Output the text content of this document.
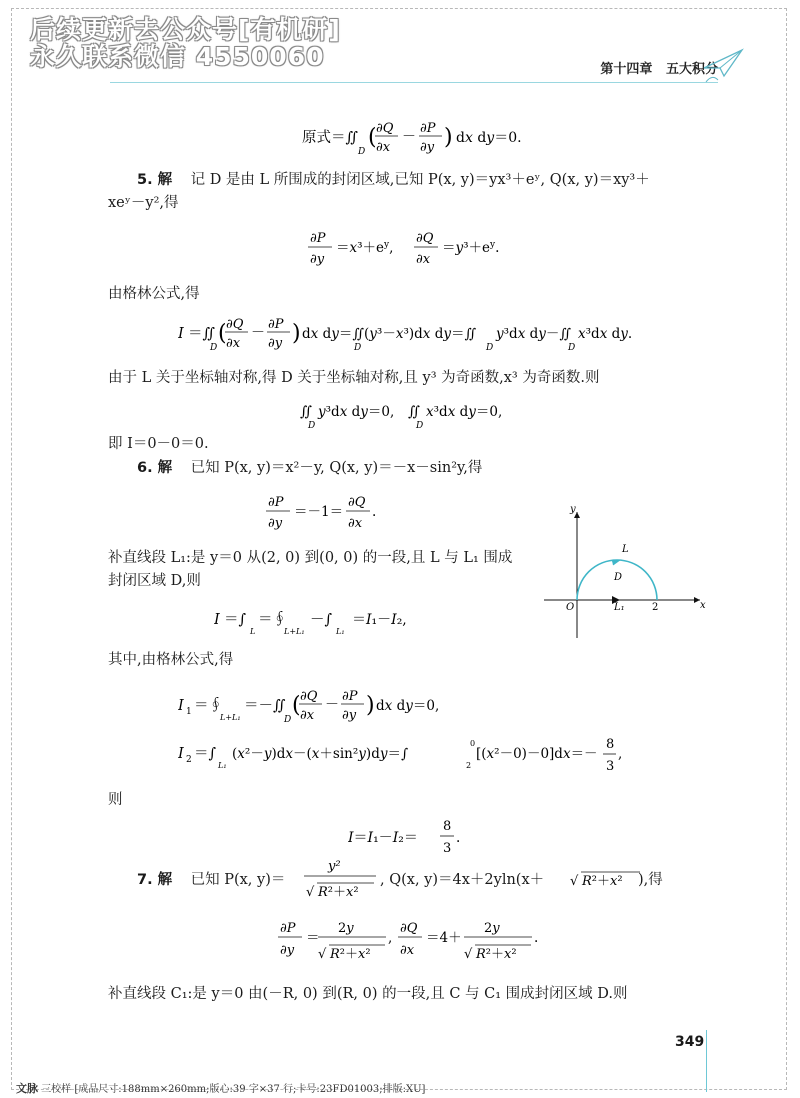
后续更新去公众号[有机研]
永久联系微信 4550060	第十四章 五大积分
原式＝∬
D
( ∂Q
∂x
－
∂P
∂y ) dx dy＝0.
5. 解 记 D 是由 L 所围成的封闭区域,已知 P(x, y)＝yx³＋eʸ, Q(x, y)＝xy³＋
xeʸ－y²,得
∂P
∂y
$=x^3+e^y$,
∂Q
∂x
$=y^3+e^y$.
由格林公式,得
I ＝∬
D
( ∂Q
∂x
－
∂P
∂y ) dx dy＝∬
D
(y³－x³)dx dy＝∬
D
y³dx dy－∬
D
x³dx dy.
由于 L 关于坐标轴对称,得 D 关于坐标轴对称,且 y³ 为奇函数,x³ 为奇函数.则
∬
D
y³dx dy＝0, ∬
D
x³dx dy＝0,
即 I＝0－0＝0.
6. 解 已知 P(x, y)＝x²－y, Q(x, y)＝－x－sin²y,得
∂P
∂y
＝－1＝
∂Q
∂x
.
补直线段 L₁:是 y＝0 从(2, 0) 到(0, 0) 的一段,且 L 与 L₁ 围成
封闭区域 D,则
I ＝∫
L
＝∮
L+L₁
－∫
L₁
＝I₁－I₂,
y
x
O
L
D
L₁	2
其中,由格林公式,得
I 1 ＝∮
L+L₁
＝－∬
D
( ∂Q
∂x
－
∂P
∂y ) dx dy＝0,
I 2 ＝∫
L₁
(x²－y)dx－(x＋sin²y)dy＝∫
0
2
[(x²－0)－0]dx＝－
8
3
,
则
I＝I₁－I₂＝
8
3
.
7. 解 已知 P(x, y)＝
y²
√ R²＋x²
, Q(x, y)＝4x＋2yln(x＋ √ R²＋x² ),得
∂P
∂y
＝
2y
√ R²＋x²
,
∂Q
∂x
＝4＋
2y
√ R²＋x²
.
补直线段 C₁:是 y＝0 由(－R, 0) 到(R, 0) 的一段,且 C 与 C₁ 围成封闭区域 D.则
349
文脉 三校样 [成品尺寸:188mm×260mm;版心:39 字×37 行;卡号:23FD01003;排版:XU]
